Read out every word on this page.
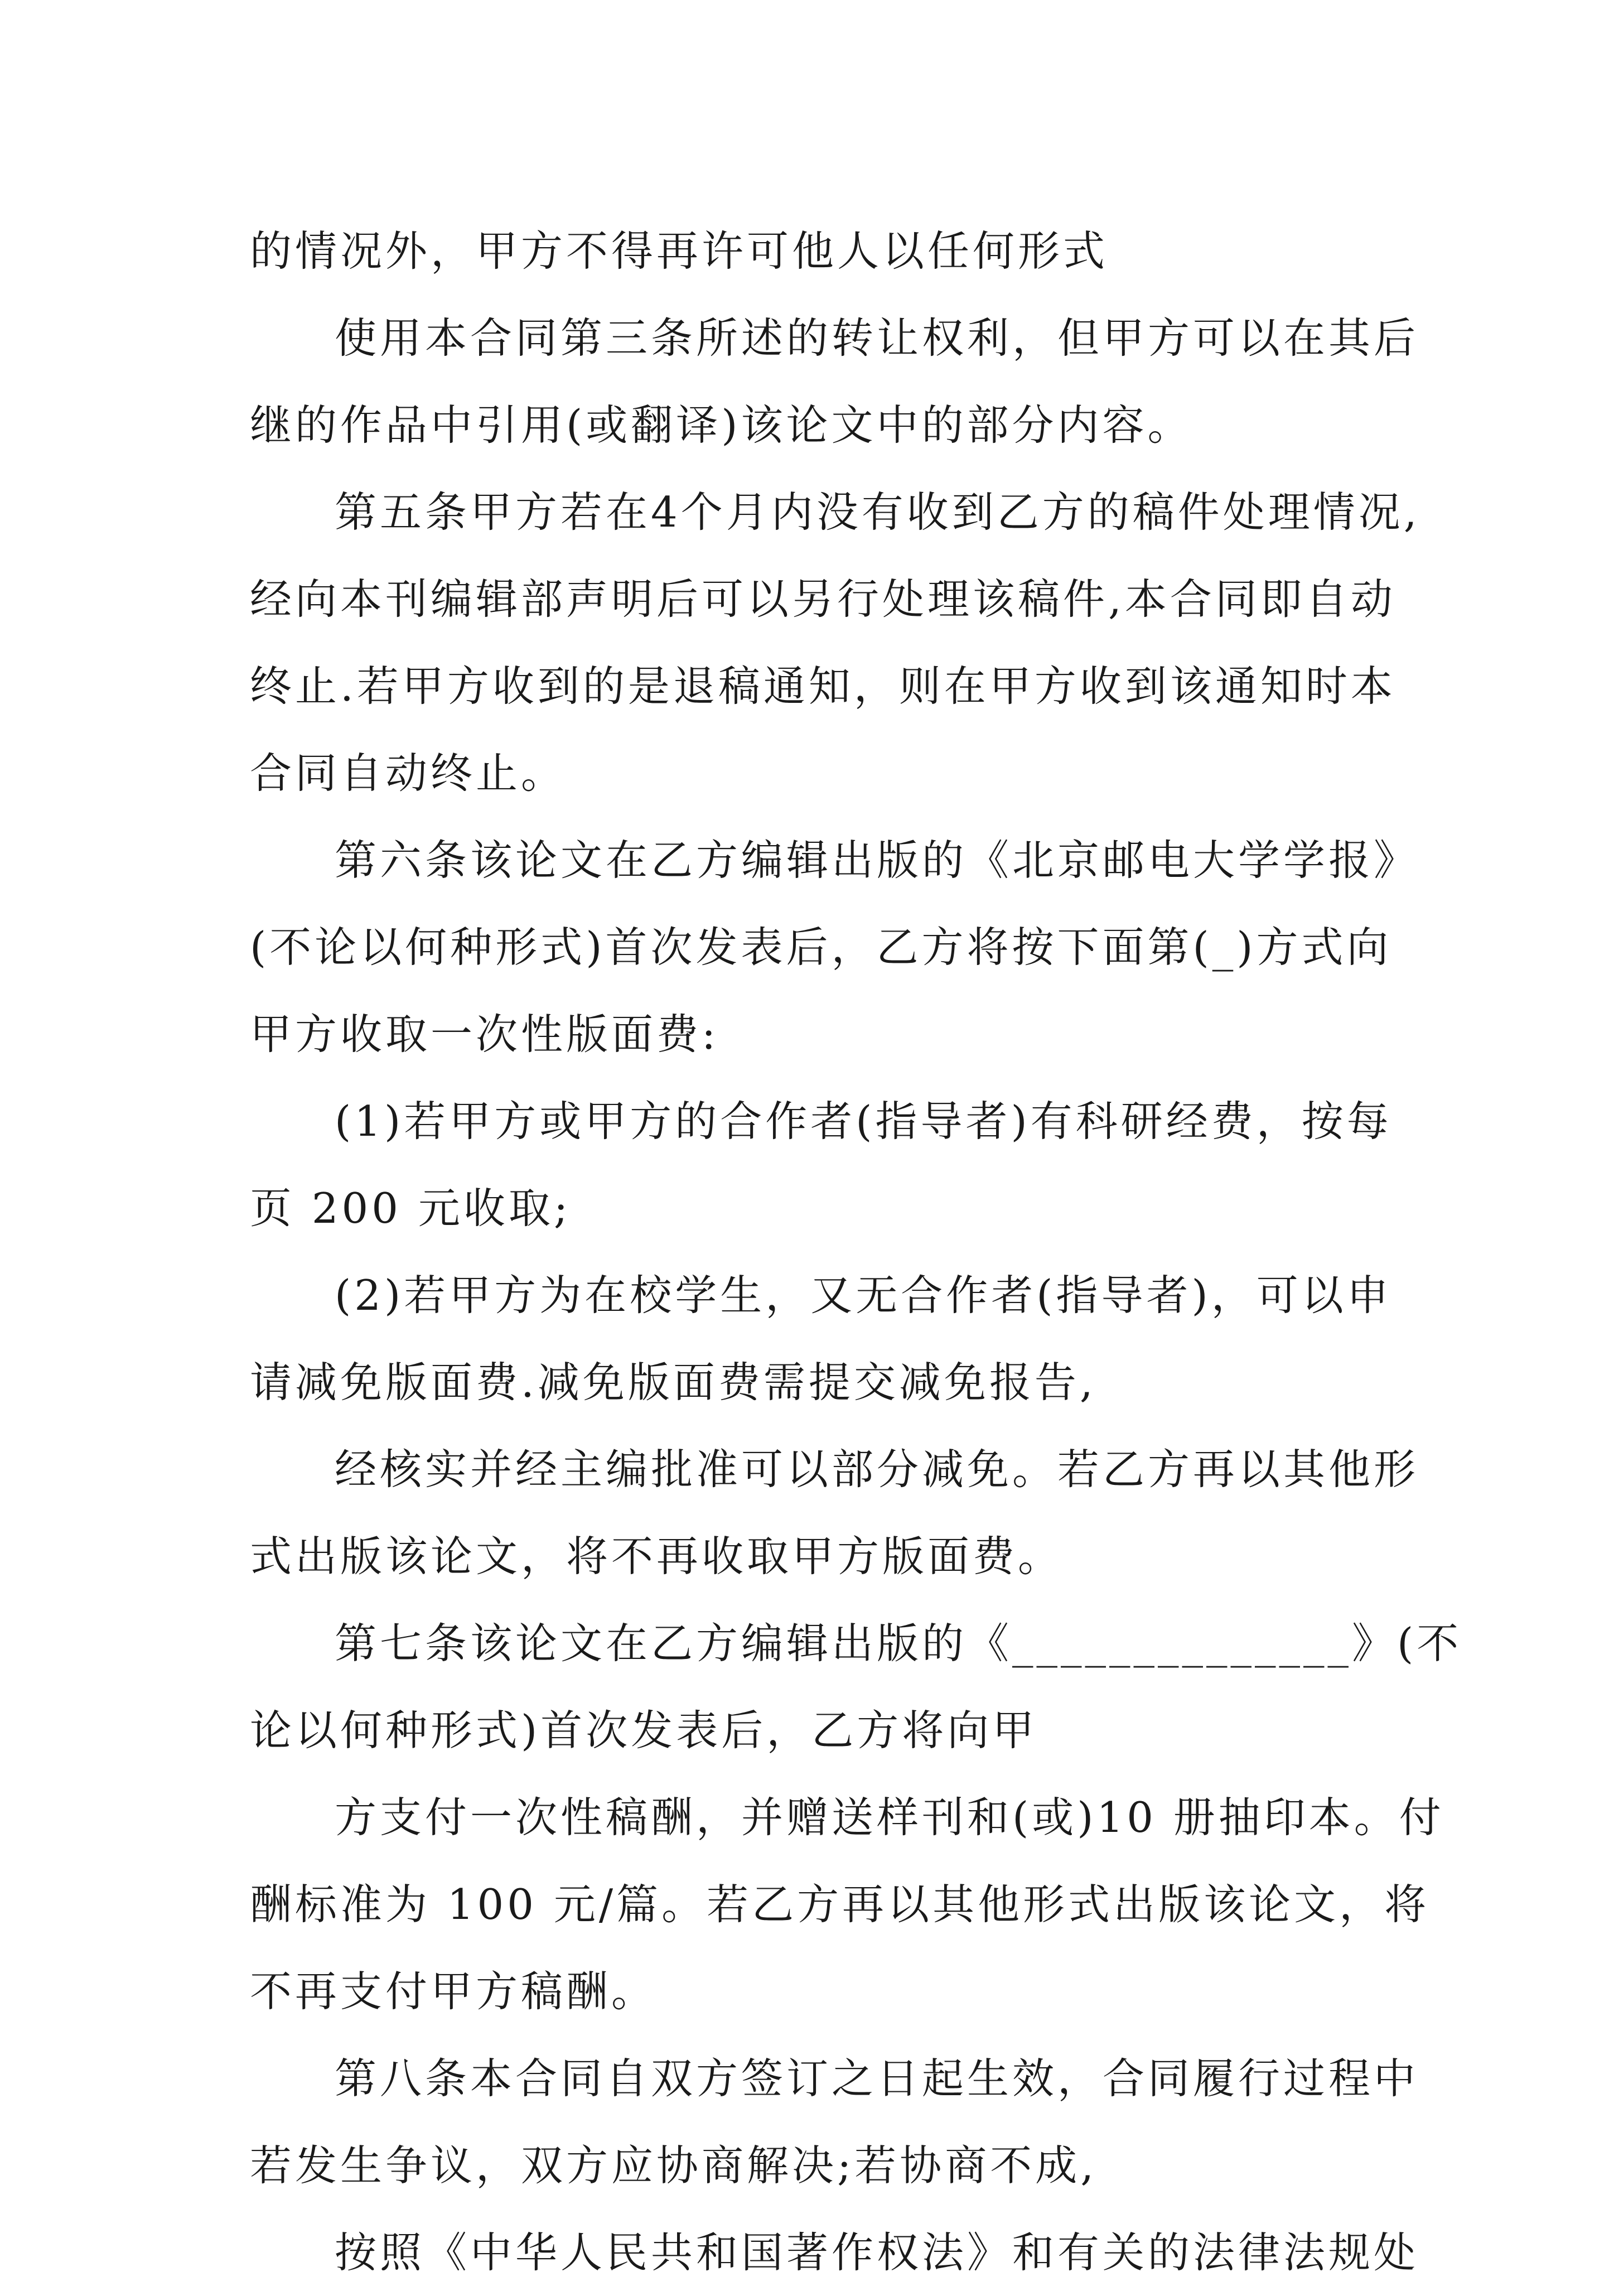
的情况外，甲方不得再许可他人以任何形式
使用本合同第三条所述的转让权利，但甲方可以在其后
继的作品中引用(或翻译)该论文中的部分内容。
第五条甲方若在4个月内没有收到乙方的稿件处理情况,
经向本刊编辑部声明后可以另行处理该稿件,本合同即自动
终止.若甲方收到的是退稿通知，则在甲方收到该通知时本
合同自动终止。
第六条该论文在乙方编辑出版的《北京邮电大学学报》
(不论以何种形式)首次发表后，乙方将按下面第(_)方式向
甲方收取一次性版面费:
(1)若甲方或甲方的合作者(指导者)有科研经费，按每
页 200 元收取;
(2)若甲方为在校学生，又无合作者(指导者)，可以申
请减免版面费.减免版面费需提交减免报告,
经核实并经主编批准可以部分减免。若乙方再以其他形
式出版该论文，将不再收取甲方版面费。
第七条该论文在乙方编辑出版的《______________》(不
论以何种形式)首次发表后，乙方将向甲
方支付一次性稿酬，并赠送样刊和(或)10 册抽印本。付
酬标准为 100 元/篇。若乙方再以其他形式出版该论文，将
不再支付甲方稿酬。
第八条本合同自双方签订之日起生效，合同履行过程中
若发生争议，双方应协商解决;若协商不成,
按照《中华人民共和国著作权法》和有关的法律法规处
